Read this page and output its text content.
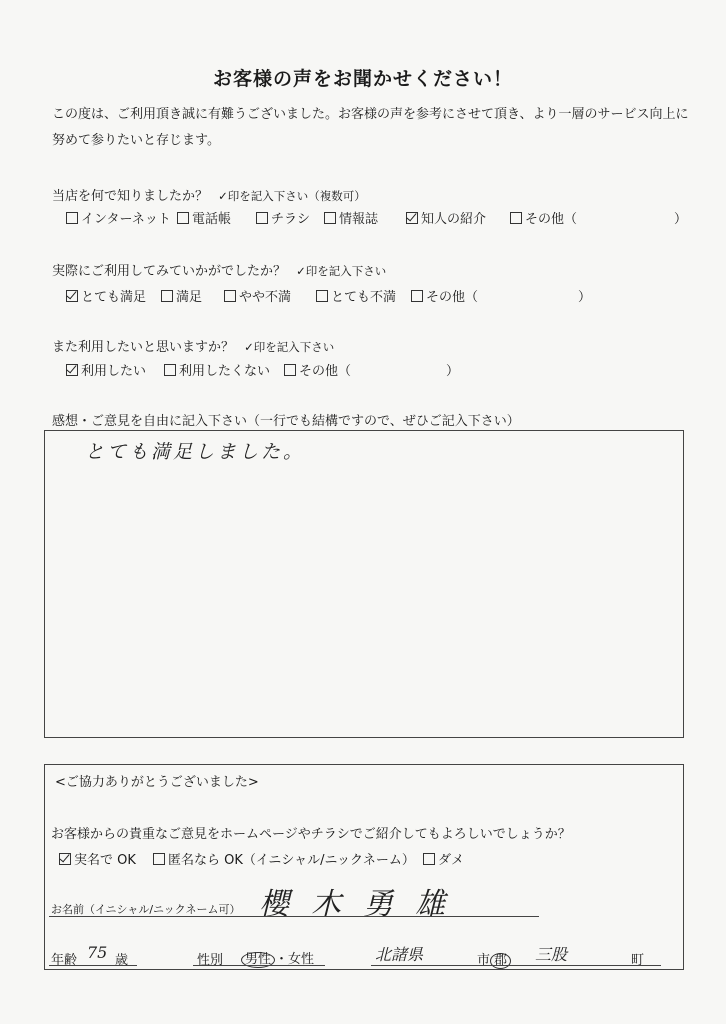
お客様の声をお聞かせください！
この度は、ご利用頂き誠に有難うございました。お客様の声を参考にさせて頂き、より一層のサービス向上に努めて参りたいと存じます。
当店を何で知りましたか？ ✓印を記入下さい（複数可）
インターネット	電話帳	チラシ	情報誌	知人の紹介	その他（	）
実際にご利用してみていかがでしたか？ ✓印を記入下さい
とても満足	満足	やや不満	とても不満	その他（	）
また利用したいと思いますか？ ✓印を記入下さい
利用したい	利用したくない	その他（	）
感想・ご意見を自由に記入下さい（一行でも結構ですので、ぜひご記入下さい）
とても満足しました。
<ご協力ありがとうございました>
お客様からの貴重なご意見をホームページやチラシでご紹介してもよろしいでしょうか？
実名で OK	匿名なら OK（イニシャル/ニックネーム）	ダメ
お名前（イニシャル/ニックネーム可） 櫻木勇雄
年齢 75 歳	性別	男性 ・女性	北諸県	市 郡 三股	町
